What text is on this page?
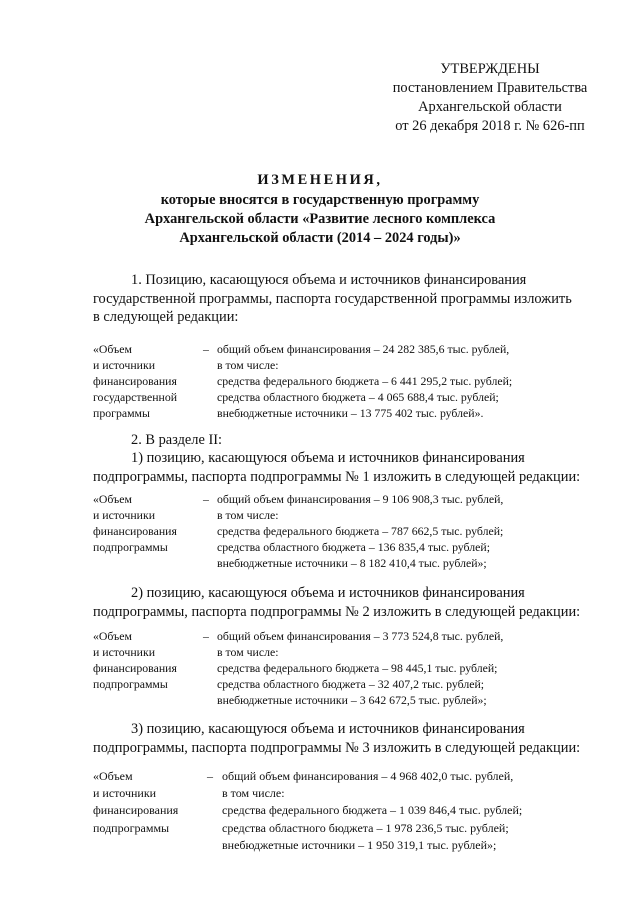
УТВЕРЖДЕНЫ
постановлением Правительства
Архангельской области
от 26 декабря 2018 г. № 626-пп
ИЗМЕНЕНИЯ,
которые вносятся в государственную программу
Архангельской области «Развитие лесного комплекса
Архангельской области (2014 – 2024 годы)»
1. Позицию, касающуюся объема и источников финансирования
государственной программы, паспорта государственной программы изложить
в следующей редакции:
«Объем
и источники
финансирования
государственной
программы
– общий объем финансирования – 24 282 385,6 тыс. рублей,
в том числе:
средства федерального бюджета – 6 441 295,2 тыс. рублей;
средства областного бюджета – 4 065 688,4 тыс. рублей;
внебюджетные источники – 13 775 402 тыс. рублей».
2. В разделе II:
1) позицию, касающуюся объема и источников финансирования
подпрограммы, паспорта подпрограммы № 1 изложить в следующей редакции:
«Объем
и источники
финансирования
подпрограммы
– общий объем финансирования – 9 106 908,3 тыс. рублей,
в том числе:
средства федерального бюджета – 787 662,5 тыс. рублей;
средства областного бюджета – 136 835,4 тыс. рублей;
внебюджетные источники – 8 182 410,4 тыс. рублей»;
2) позицию, касающуюся объема и источников финансирования
подпрограммы, паспорта подпрограммы № 2 изложить в следующей редакции:
«Объем
и источники
финансирования
подпрограммы
– общий объем финансирования – 3 773 524,8 тыс. рублей,
в том числе:
средства федерального бюджета – 98 445,1 тыс. рублей;
средства областного бюджета – 32 407,2 тыс. рублей;
внебюджетные источники – 3 642 672,5 тыс. рублей»;
3) позицию, касающуюся объема и источников финансирования
подпрограммы, паспорта подпрограммы № 3 изложить в следующей редакции:
«Объем
и источники
финансирования
подпрограммы
– общий объем финансирования – 4 968 402,0 тыс. рублей,
в том числе:
средства федерального бюджета – 1 039 846,4 тыс. рублей;
средства областного бюджета – 1 978 236,5 тыс. рублей;
внебюджетные источники – 1 950 319,1 тыс. рублей»;
